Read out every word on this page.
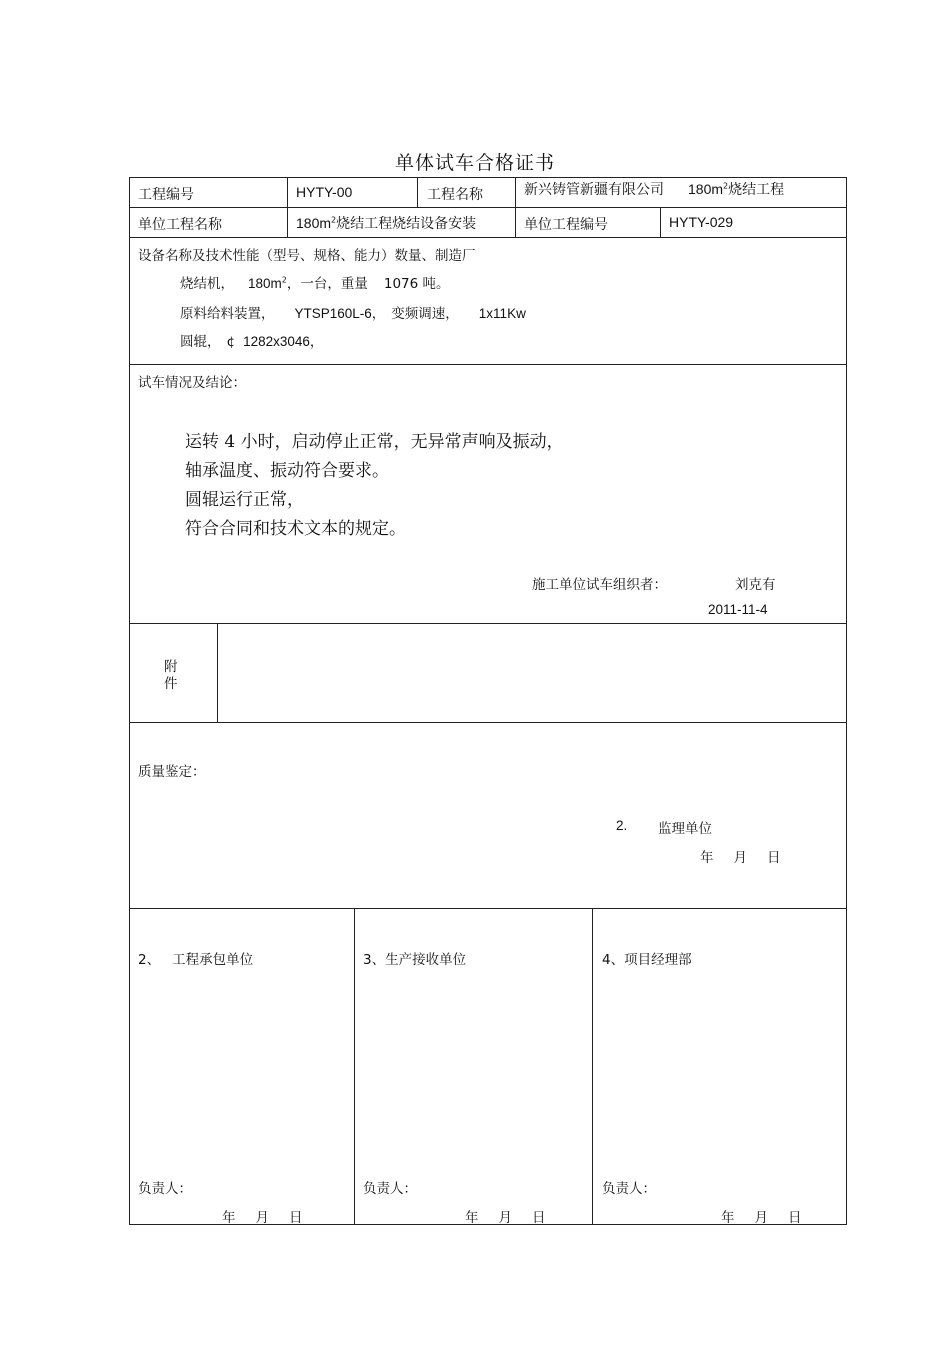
单体试车合格证书
工程编号	HYTY-00	工程名称	新兴铸管新疆有限公司 $180m^2$烧结工程
单位工程名称	$180m^2$烧结工程烧结设备安装	单位工程编号	HYTY-029
设备名称及技术性能（型号、规格、能力）数量、制造厂
烧结机， $180m^2$，一台，重量 1076 吨。
原料给料装置， YTSP160L-6， 变频调速， 1x11Kw
圆辊， ¢ 1282x3046，
试车情况及结论：
运转 4 小时，启动停止正常，无异常声响及振动，
轴承温度、振动符合要求。
圆辊运行正常，
符合合同和技术文本的规定。
施工单位试车组织者：	刘克有
2011-11-4
附
件
质量鉴定：
2. 监理单位
年 月 日
2、 工程承包单位	3、生产接收单位	4、项目经理部
负责人：	负责人：	负责人：
年 月 日	年 月 日	年 月 日
